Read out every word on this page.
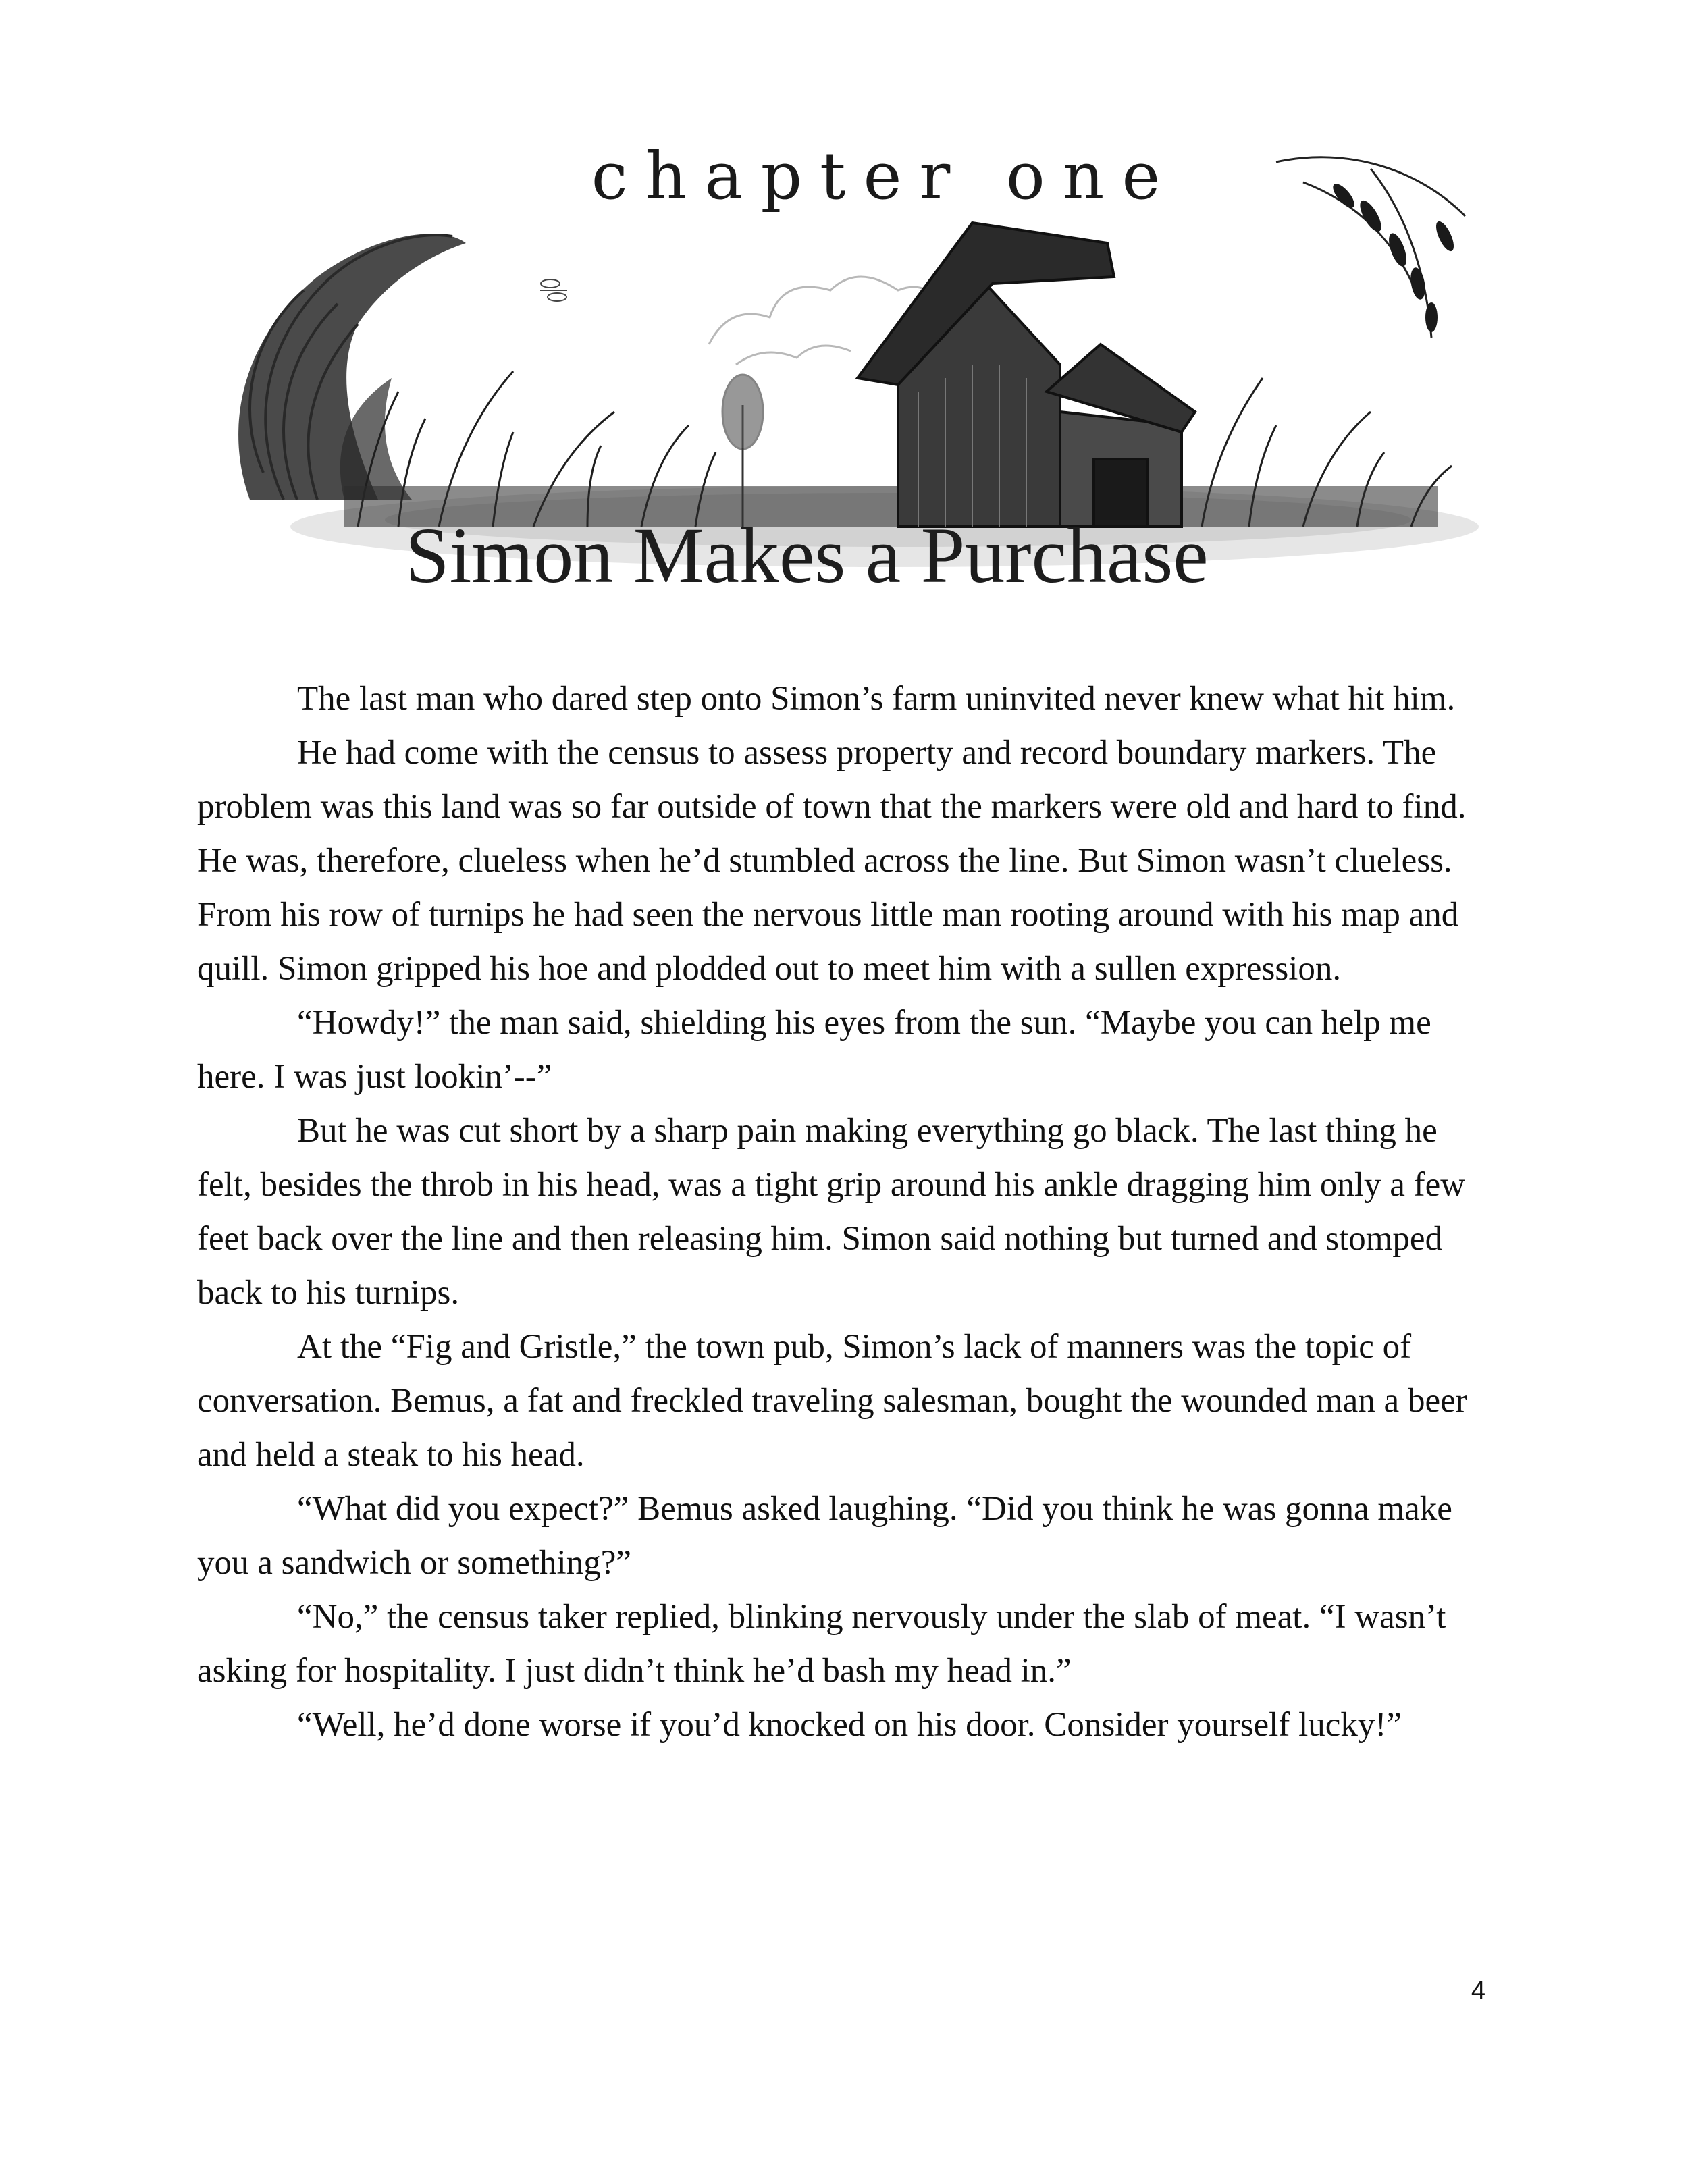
chapter one
Simon Makes a Purchase

The last man who dared step onto Simon’s farm uninvited never knew what hit him.

He had come with the census to assess property and record boundary markers. The problem was this land was so far outside of town that the markers were old and hard to find. He was, therefore, clueless when he’d stumbled across the line. But Simon wasn’t clueless. From his row of turnips he had seen the nervous little man rooting around with his map and quill. Simon gripped his hoe and plodded out to meet him with a sullen expression.

“Howdy!” the man said, shielding his eyes from the sun. “Maybe you can help me here. I was just lookin’--”

But he was cut short by a sharp pain making everything go black. The last thing he felt, besides the throb in his head, was a tight grip around his ankle dragging him only a few feet back over the line and then releasing him. Simon said nothing but turned and stomped back to his turnips.

At the “Fig and Gristle,” the town pub, Simon’s lack of manners was the topic of conversation. Bemus, a fat and freckled traveling salesman, bought the wounded man a beer and held a steak to his head.

“What did you expect?” Bemus asked laughing. “Did you think he was gonna make you a sandwich or something?”

“No,” the census taker replied, blinking nervously under the slab of meat. “I wasn’t asking for hospitality. I just didn’t think he’d bash my head in.”

“Well, he’d done worse if you’d knocked on his door. Consider yourself lucky!”

4
